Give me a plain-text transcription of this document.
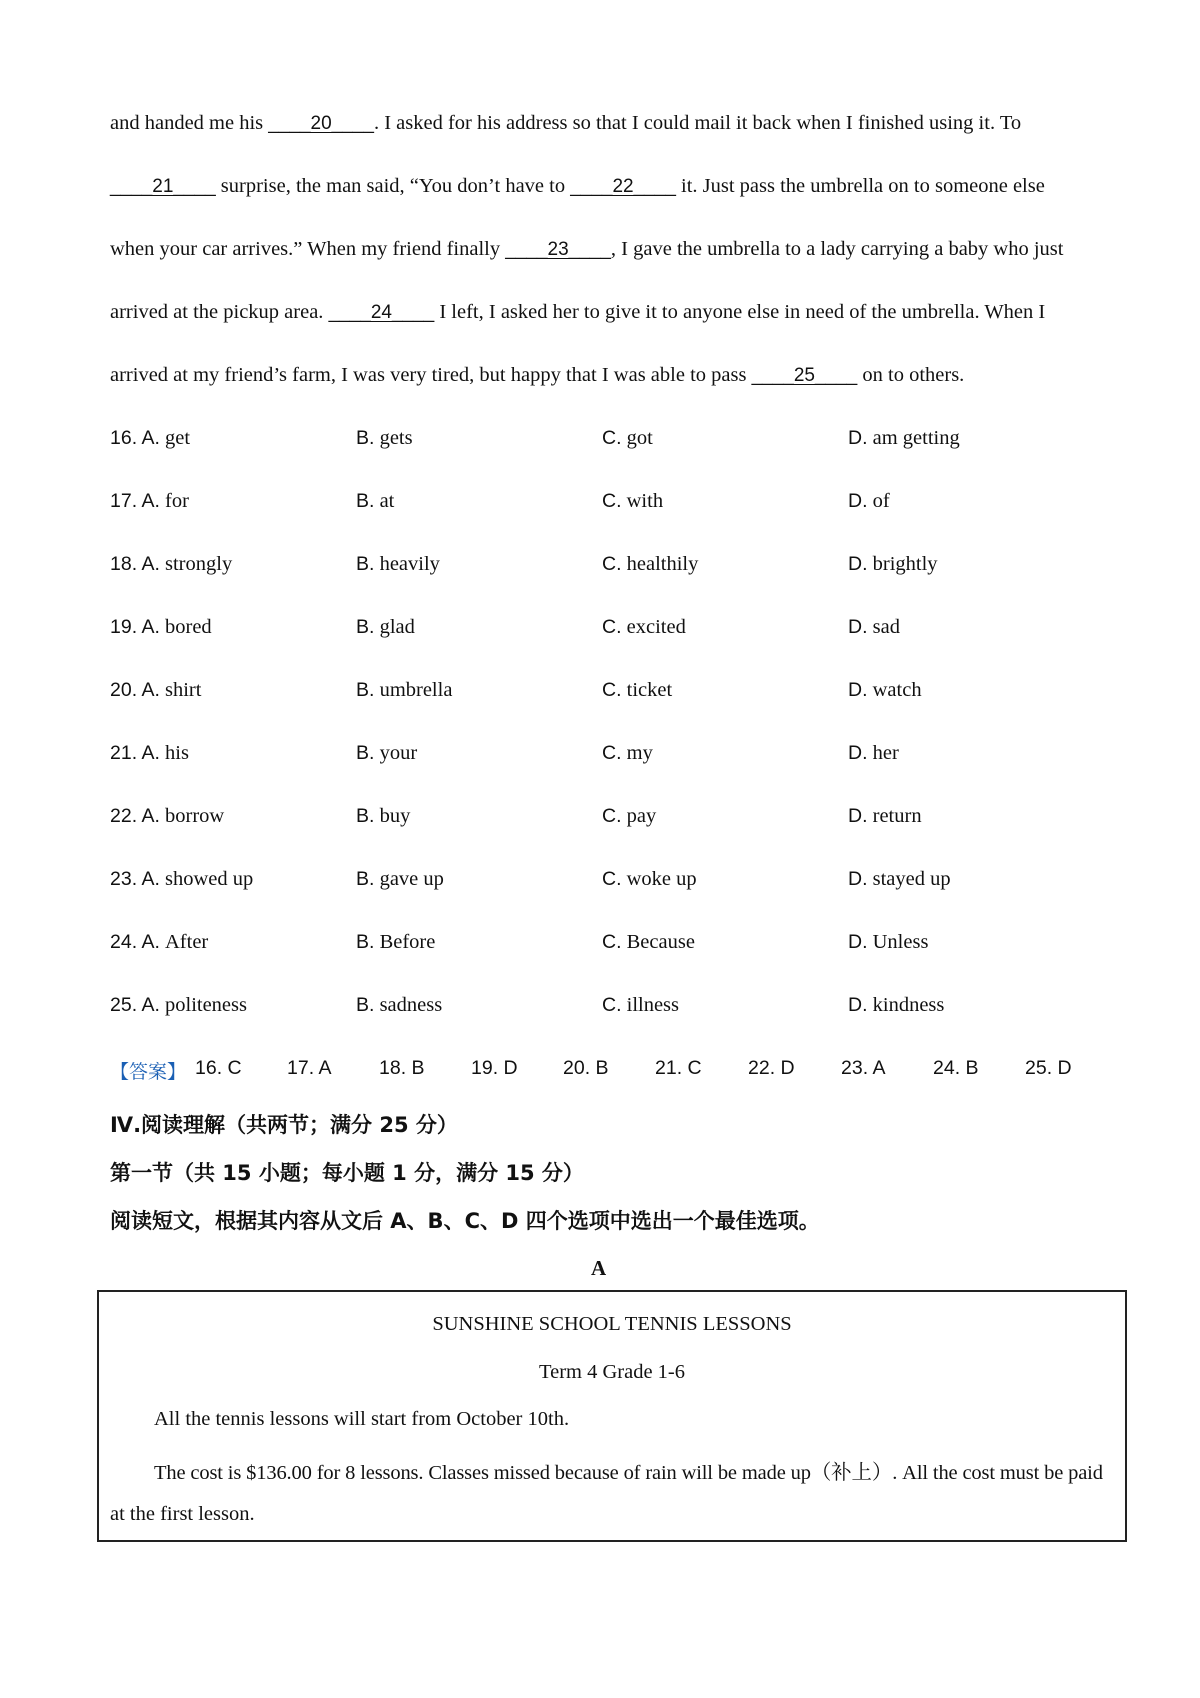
and handed me his ____20____. I asked for his address so that I could mail it back when I finished using it. To
____21____ surprise, the man said, “You don’t have to ____22____ it. Just pass the umbrella on to someone else
when your car arrives.” When my friend finally ____23____, I gave the umbrella to a lady carrying a baby who just
arrived at the pickup area. ____24____ I left, I asked her to give it to anyone else in need of the umbrella. When I
arrived at my friend’s farm, I was very tired, but happy that I was able to pass ____25____ on to others.
16. A. get	B. gets	C. got	D. am getting
17. A. for	B. at	C. with	D. of
18. A. strongly	B. heavily	C. healthily	D. brightly
19. A. bored	B. glad	C. excited	D. sad
20. A. shirt	B. umbrella	C. ticket	D. watch
21. A. his	B. your	C. my	D. her
22. A. borrow	B. buy	C. pay	D. return
23. A. showed up	B. gave up	C. woke up	D. stayed up
24. A. After	B. Before	C. Because	D. Unless
25. A. politeness	B. sadness	C. illness	D. kindness
【答案】 16. C 17. A 18. B 19. D 20. B 21. C 22. D 23. A 24. B 25. D
Ⅳ.阅读理解（共两节；满分 25 分）
第一节（共 15 小题；每小题 1 分，满分 15 分）
阅读短文，根据其内容从文后 A、B、C、D 四个选项中选出一个最佳选项。
A
SUNSHINE SCHOOL TENNIS LESSONS
Term 4 Grade 1-6
All the tennis lessons will start from October 10th.
The cost is $136.00 for 8 lessons. Classes missed because of rain will be made up（补上）. All the cost must be paid
at the first lesson.
